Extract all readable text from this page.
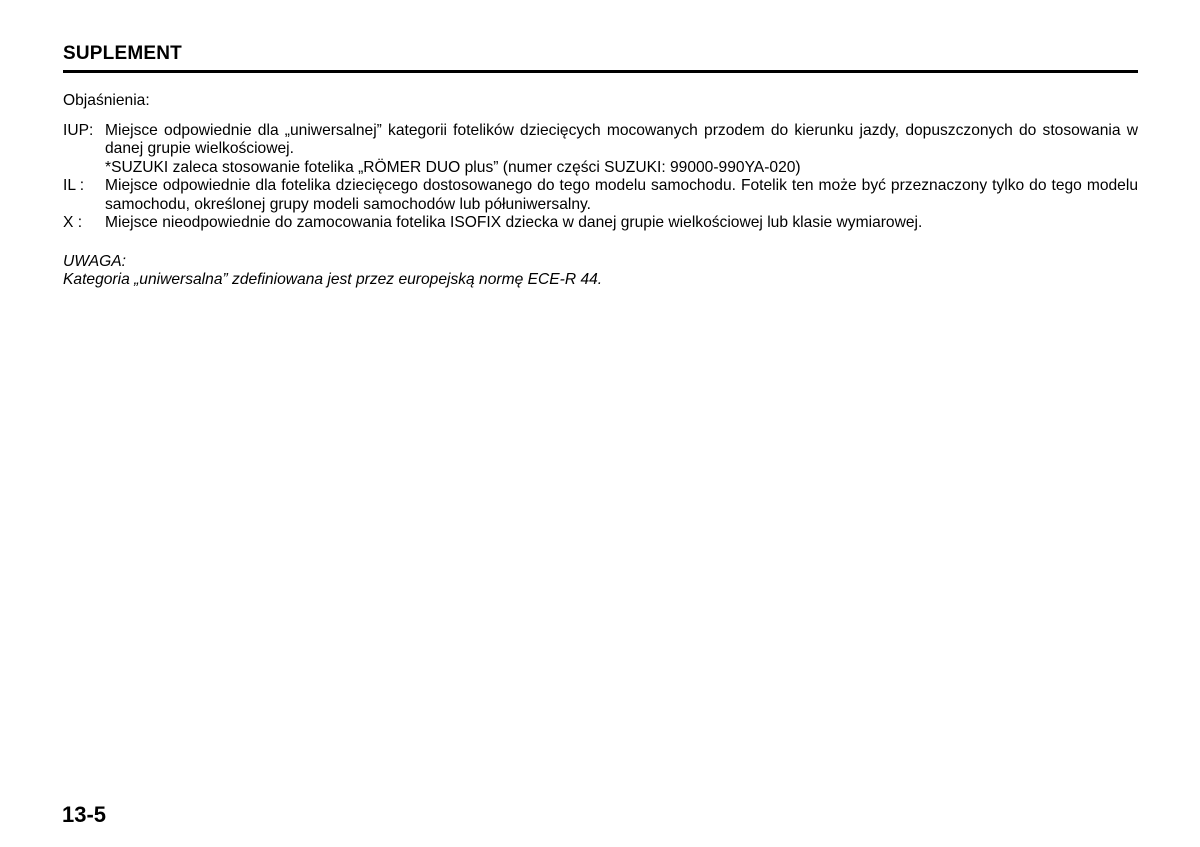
SUPLEMENT

Objaśnienia:

IUP: Miejsce odpowiednie dla „uniwersalnej” kategorii fotelików dziecięcych mocowanych przodem do kierunku jazdy, dopuszczonych do stosowania w danej grupie wielkościowej.
*SUZUKI zaleca stosowanie fotelika „RÖMER DUO plus” (numer części SUZUKI: 99000-990YA-020)
IL :	Miejsce odpowiednie dla fotelika dziecięcego dostosowanego do tego modelu samochodu. Fotelik ten może być przeznaczony tylko do tego modelu samochodu, określonej grupy modeli samochodów lub półuniwersalny.
X :	Miejsce nieodpowiednie do zamocowania fotelika ISOFIX dziecka w danej grupie wielkościowej lub klasie wymiarowej.
UWAGA:
Kategoria „uniwersalna” zdefiniowana jest przez europejską normę ECE-R 44.
13-5
